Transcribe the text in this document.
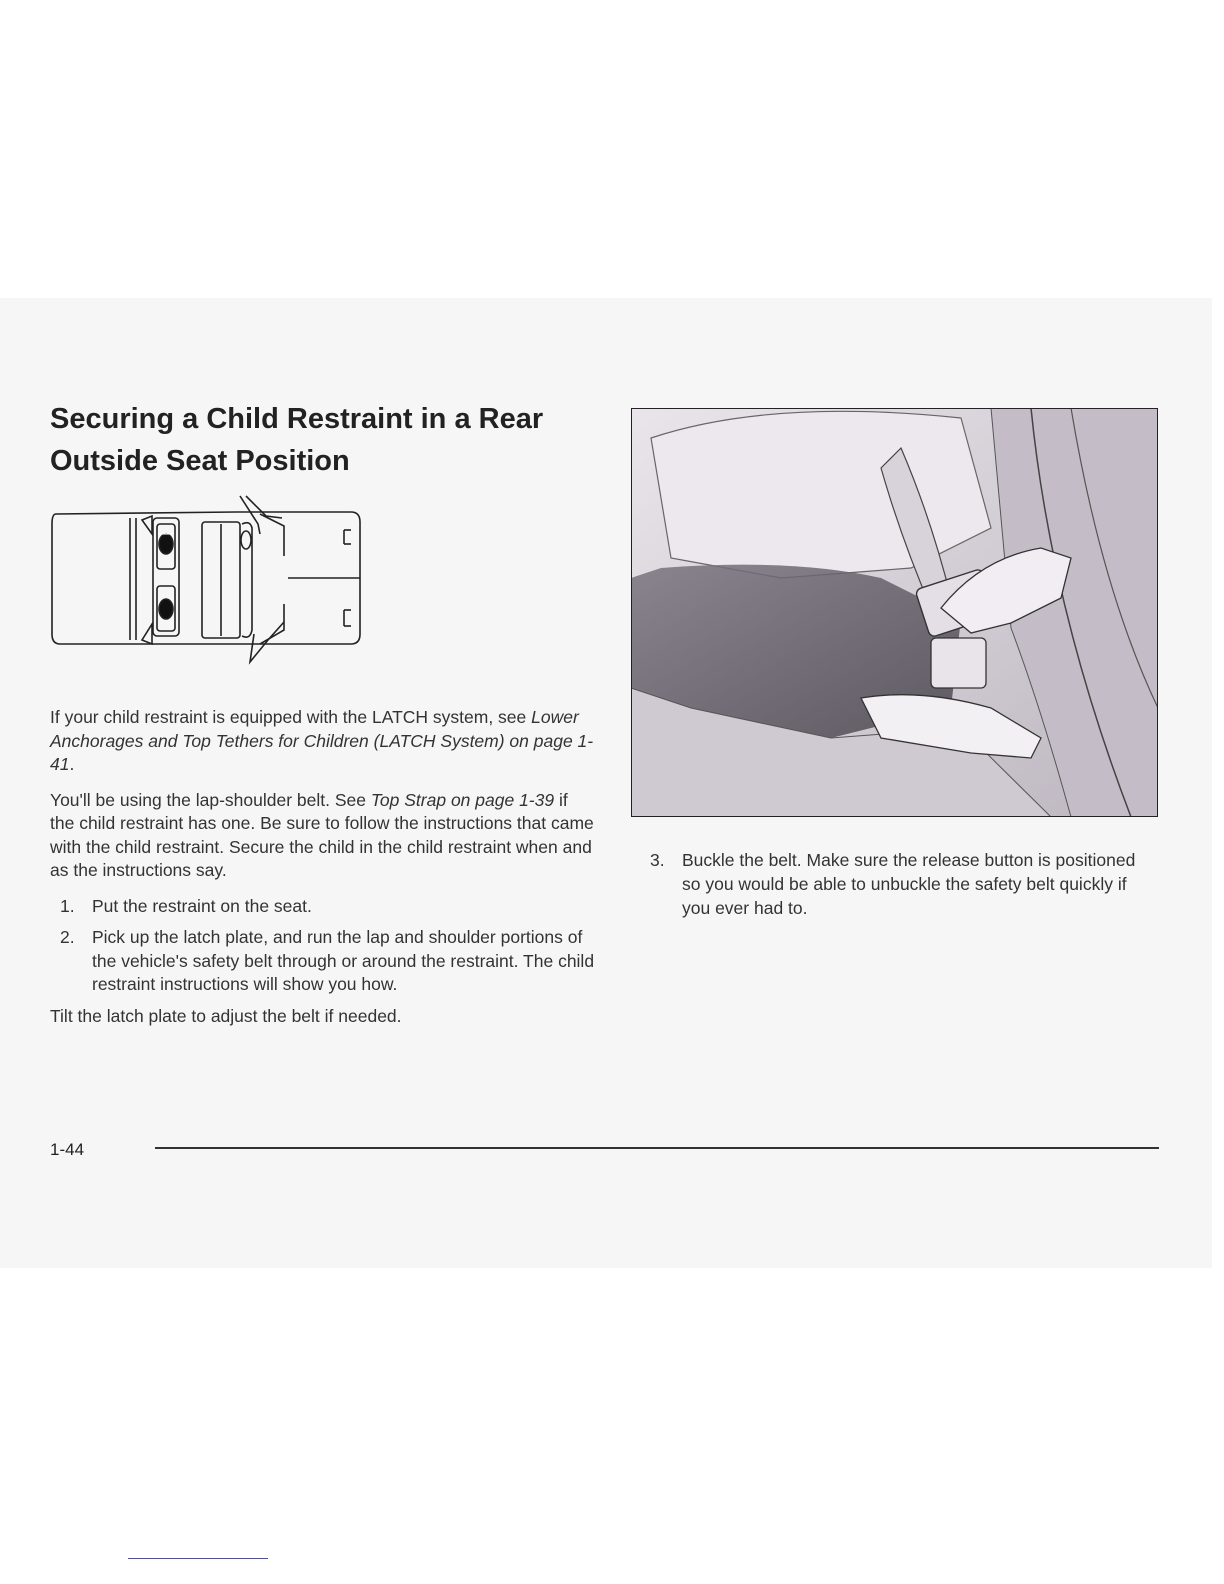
Securing a Child Restraint in a Rear Outside Seat Position

If your child restraint is equipped with the LATCH system, see Lower Anchorages and Top Tethers for Children (LATCH System) on page 1-41.

You'll be using the lap-shoulder belt. See Top Strap on page 1-39 if the child restraint has one. Be sure to follow the instructions that came with the child restraint. Secure the child in the child restraint when and as the instructions say.

1. Put the restraint on the seat.
2. Pick up the latch plate, and run the lap and shoulder portions of the vehicle's safety belt through or around the restraint. The child restraint instructions will show you how.

Tilt the latch plate to adjust the belt if needed.

3. Buckle the belt. Make sure the release button is positioned so you would be able to unbuckle the safety belt quickly if you ever had to.
1-44
